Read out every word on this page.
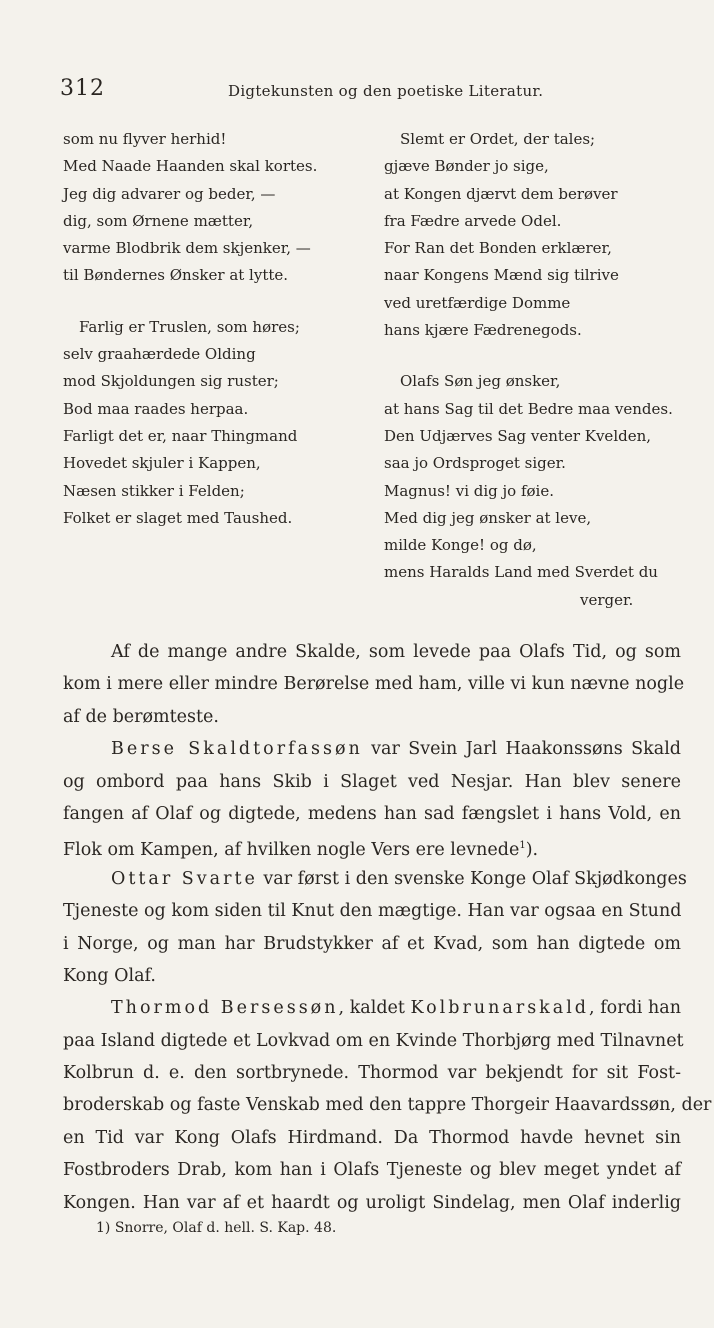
312	Digtekunsten og den poetiske Literatur.
som nu flyver herhid!
Med Naade Haanden skal kortes.
Jeg dig advarer og beder, —
dig, som Ørnene mætter,
varme Blodbrik dem skjenker, —
til Bøndernes Ønsker at lytte.
Farlig er Truslen, som høres;
selv graahærdede Olding
mod Skjoldungen sig ruster;
Bod maa raades herpaa.
Farligt det er, naar Thingmand
Hovedet skjuler i Kappen,
Næsen stikker i Felden;
Folket er slaget med Taushed.
Slemt er Ordet, der tales;
gjæve Bønder jo sige,
at Kongen djærvt dem berøver
fra Fædre arvede Odel.
For Ran det Bonden erklærer,
naar Kongens Mænd sig tilrive
ved uretfærdige Domme
hans kjære Fædrenegods.
Olafs Søn jeg ønsker,
at hans Sag til det Bedre maa vendes.
Den Udjærves Sag venter Kvelden,
saa jo Ordsproget siger.
Magnus! vi dig jo føie.
Med dig jeg ønsker at leve,
milde Konge! og dø,
mens Haralds Land med Sverdet du
verger.
Af de mange andre Skalde, som levede paa Olafs Tid, og som
kom i mere eller mindre Berørelse med ham, ville vi kun nævne nogle
af de berømteste.
Berse Skaldtorfassøn var Svein Jarl Haakonssøns Skald
og ombord paa hans Skib i Slaget ved Nesjar. Han blev senere
fangen af Olaf og digtede, medens han sad fængslet i hans Vold, en
Flok om Kampen, af hvilken nogle Vers ere levnede$^1$).
Ottar Svarte var først i den svenske Konge Olaf Skjødkonges
Tjeneste og kom siden til Knut den mægtige. Han var ogsaa en Stund
i Norge, og man har Brudstykker af et Kvad, som han digtede om
Kong Olaf.
Thormod Bersessøn, kaldet Kolbrunarskald, fordi han
paa Island digtede et Lovkvad om en Kvinde Thorbjørg med Tilnavnet
Kolbrun d. e. den sortbrynede. Thormod var bekjendt for sit Fost-
broderskab og faste Venskab med den tappre Thorgeir Haavardssøn, der
en Tid var Kong Olafs Hirdmand. Da Thormod havde hevnet sin
Fostbroders Drab, kom han i Olafs Tjeneste og blev meget yndet af
Kongen. Han var af et haardt og uroligt Sindelag, men Olaf inderlig
1) Snorre, Olaf d. hell. S. Kap. 48.
